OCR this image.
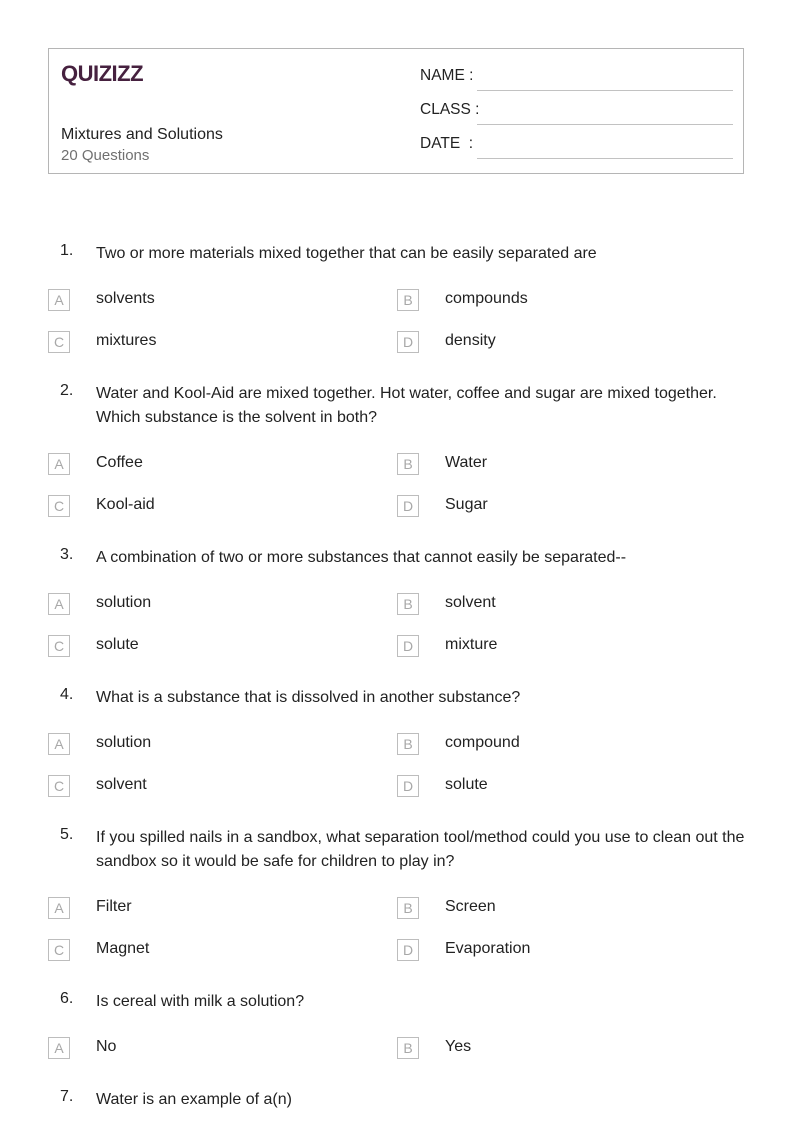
QUIZIZZ
Mixtures and Solutions
20 Questions
NAME :
CLASS :
DATE  :
1. Two or more materials mixed together that can be easily separated are
A	solvents	B	compounds
C	mixtures	D	density
2. Water and Kool-Aid are mixed together. Hot water, coffee and sugar are mixed together. Which substance is the solvent in both?
A	Coffee	B	Water
C	Kool-aid	D	Sugar
3. A combination of two or more substances that cannot easily be separated--
A	solution	B	solvent
C	solute	D	mixture
4. What is a substance that is dissolved in another substance?
A	solution	B	compound
C	solvent	D	solute
5. If you spilled nails in a sandbox, what separation tool/method could you use to clean out the sandbox so it would be safe for children to play in?
A	Filter	B	Screen
C	Magnet	D	Evaporation
6. Is cereal with milk a solution?
A	No	B	Yes
7. Water is an example of a(n)
